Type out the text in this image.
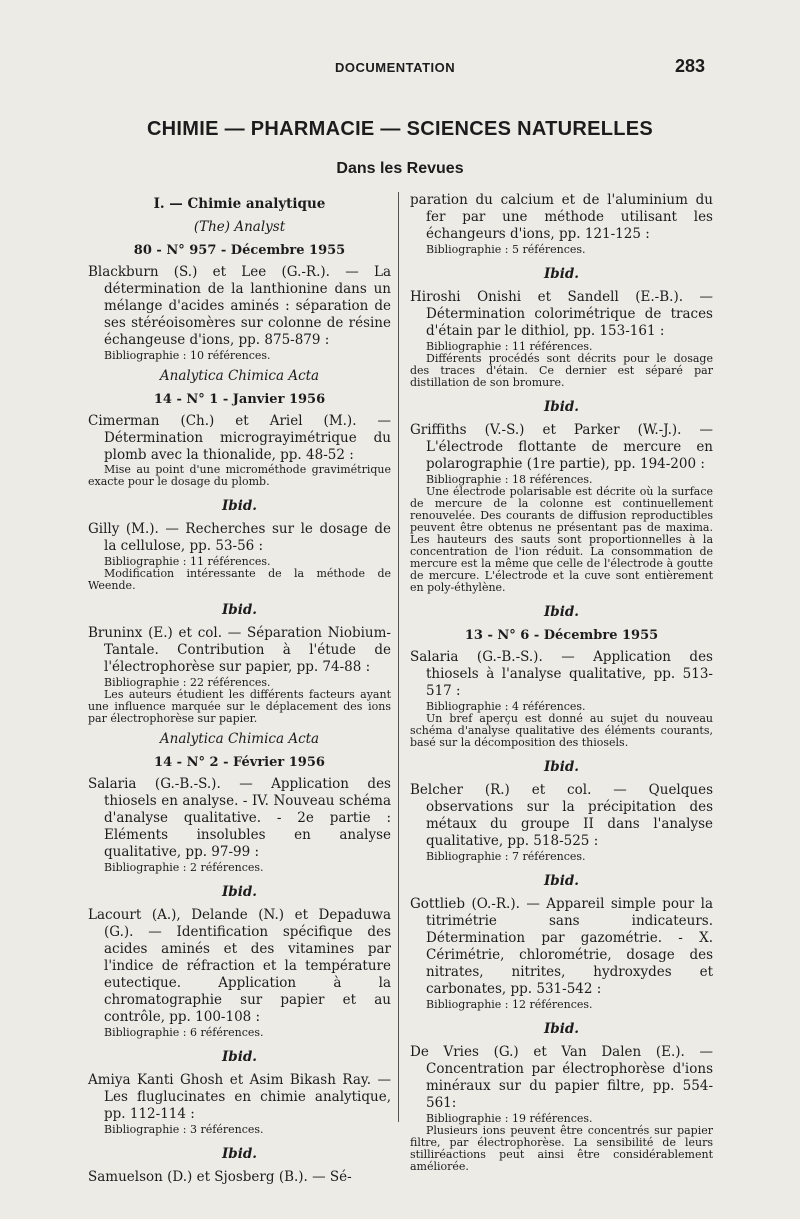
DOCUMENTATION	283
CHIMIE — PHARMACIE — SCIENCES NATURELLES
Dans les Revues
I. — Chimie analytique
(The) Analyst
80 - N° 957 - Décembre 1955
Blackburn (S.) et Lee (G.-R.). — La détermination de la lanthionine dans un mélange d'acides aminés : séparation de ses stéréoisomères sur colonne de résine échangeuse d'ions, pp. 875-879 :
Bibliographie : 10 références.
Analytica Chimica Acta
14 - N° 1 - Janvier 1956
Cimerman (Ch.) et Ariel (M.). — Détermination micrograyimétrique du plomb avec la thionalide, pp. 48-52 :
Mise au point d'une microméthode gravimétrique exacte pour le dosage du plomb.
Ibid.
Gilly (M.). — Recherches sur le dosage de la cellulose, pp. 53-56 :
Bibliographie : 11 références.
Modification intéressante de la méthode de Weende.
Ibid.
Bruninx (E.) et col. — Séparation Niobium-Tantale. Contribution à l'étude de l'électrophorèse sur papier, pp. 74-88 :
Bibliographie : 22 références.
Les auteurs étudient les différents facteurs ayant une influence marquée sur le déplacement des ions par électrophorèse sur papier.
Analytica Chimica Acta
14 - N° 2 - Février 1956
Salaria (G.-B.-S.). — Application des thiosels en analyse. - IV. Nouveau schéma d'analyse qualitative. - 2e partie : Eléments insolubles en analyse qualitative, pp. 97-99 :
Bibliographie : 2 références.
Ibid.
Lacourt (A.), Delande (N.) et Depaduwa (G.). — Identification spécifique des acides aminés et des vitamines par l'indice de réfraction et la température eutectique. Application à la chromatographie sur papier et au contrôle, pp. 100-108 :
Bibliographie : 6 références.
Ibid.
Amiya Kanti Ghosh et Asim Bikash Ray. — Les fluglucinates en chimie analytique, pp. 112-114 :
Bibliographie : 3 références.
Ibid.
Samuelson (D.) et Sjosberg (B.). — Sé-
paration du calcium et de l'aluminium du fer par une méthode utilisant les échangeurs d'ions, pp. 121-125 :
Bibliographie : 5 références.
Ibid.
Hiroshi Onishi et Sandell (E.-B.). — Détermination colorimétrique de traces d'étain par le dithiol, pp. 153-161 :
Bibliographie : 11 références.
Différents procédés sont décrits pour le dosage des traces d'étain. Ce dernier est séparé par distillation de son bromure.
Ibid.
Griffiths (V.-S.) et Parker (W.-J.). — L'électrode flottante de mercure en polarographie (1re partie), pp. 194-200 :
Bibliographie : 18 références.
Une électrode polarisable est décrite où la surface de mercure de la colonne est continuellement renouvelée. Des courants de diffusion reproductibles peuvent être obtenus ne présentant pas de maxima. Les hauteurs des sauts sont proportionnelles à la concentration de l'ion réduit. La consommation de mercure est la même que celle de l'électrode à goutte de mercure. L'électrode et la cuve sont entièrement en poly-éthylène.
Ibid.
13 - N° 6 - Décembre 1955
Salaria (G.-B.-S.). — Application des thiosels à l'analyse qualitative, pp. 513-517 :
Bibliographie : 4 références.
Un bref aperçu est donné au sujet du nouveau schéma d'analyse qualitative des éléments courants, basé sur la décomposition des thiosels.
Ibid.
Belcher (R.) et col. — Quelques observations sur la précipitation des métaux du groupe II dans l'analyse qualitative, pp. 518-525 :
Bibliographie : 7 références.
Ibid.
Gottlieb (O.-R.). — Appareil simple pour la titrimétrie sans indicateurs. Détermination par gazométrie. - X. Cérimétrie, chlorométrie, dosage des nitrates, nitrites, hydroxydes et carbonates, pp. 531-542 :
Bibliographie : 12 références.
Ibid.
De Vries (G.) et Van Dalen (E.). — Concentration par électrophorèse d'ions minéraux sur du papier filtre, pp. 554-561:
Bibliographie : 19 références.
Plusieurs ions peuvent être concentrés sur papier filtre, par électrophorèse. La sensibilité de leurs stilliréactions peut ainsi être considérablement améliorée.
